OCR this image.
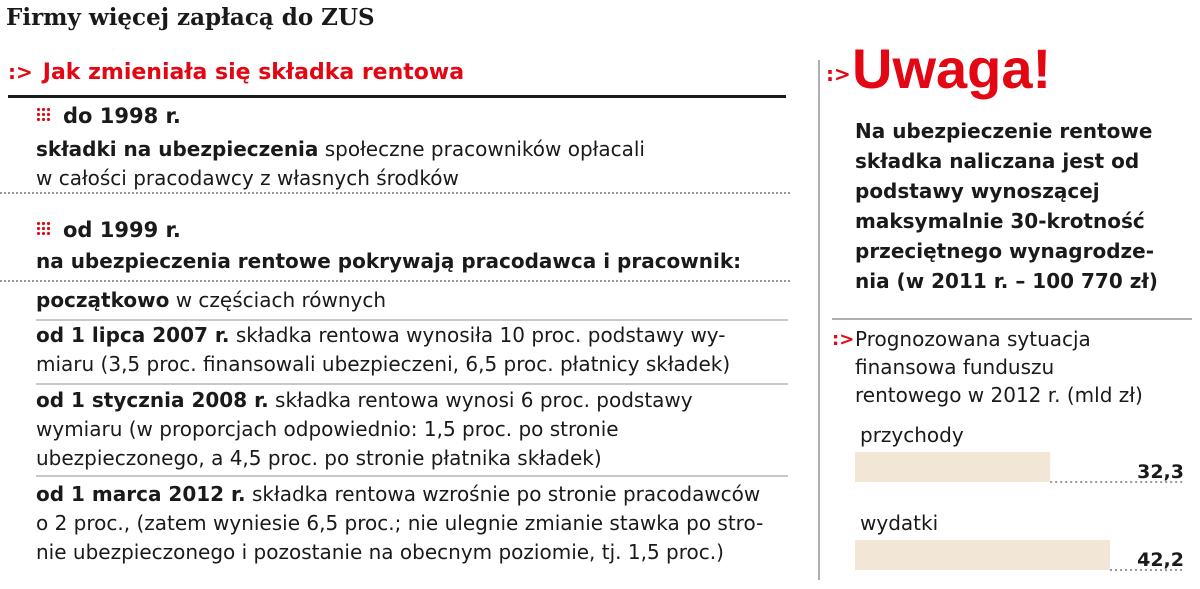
Firmy więcej zapłacą do ZUS
:> Jak zmieniała się składka rentowa
do 1998 r.
składki na ubezpieczenia społeczne pracowników opłacali
w całości pracodawcy z własnych środków
od 1999 r.
na ubezpieczenia rentowe pokrywają pracodawca i pracownik:
początkowo w częściach równych
od 1 lipca 2007 r. składka rentowa wynosiła 10 proc. podstawy wy-
miaru (3,5 proc. finansowali ubezpieczeni, 6,5 proc. płatnicy składek)
od 1 stycznia 2008 r. składka rentowa wynosi 6 proc. podstawy
wymiaru (w proporcjach odpowiednio: 1,5 proc. po stronie
ubezpieczonego, a 4,5 proc. po stronie płatnika składek)
od 1 marca 2012 r. składka rentowa wzrośnie po stronie pracodawców
o 2 proc., (zatem wyniesie 6,5 proc.; nie ulegnie zmianie stawka po stro-
nie ubezpieczonego i pozostanie na obecnym poziomie, tj. 1,5 proc.)
:> Uwaga!
Na ubezpieczenie rentowe
składka naliczana jest od
podstawy wynoszącej
maksymalnie 30-krotność
przeciętnego wynagrodze-
nia (w 2011 r. – 100 770 zł)
:> Prognozowana sytuacja
finansowa funduszu
rentowego w 2012 r. (mld zł)
przychody
32,3
wydatki
42,2
